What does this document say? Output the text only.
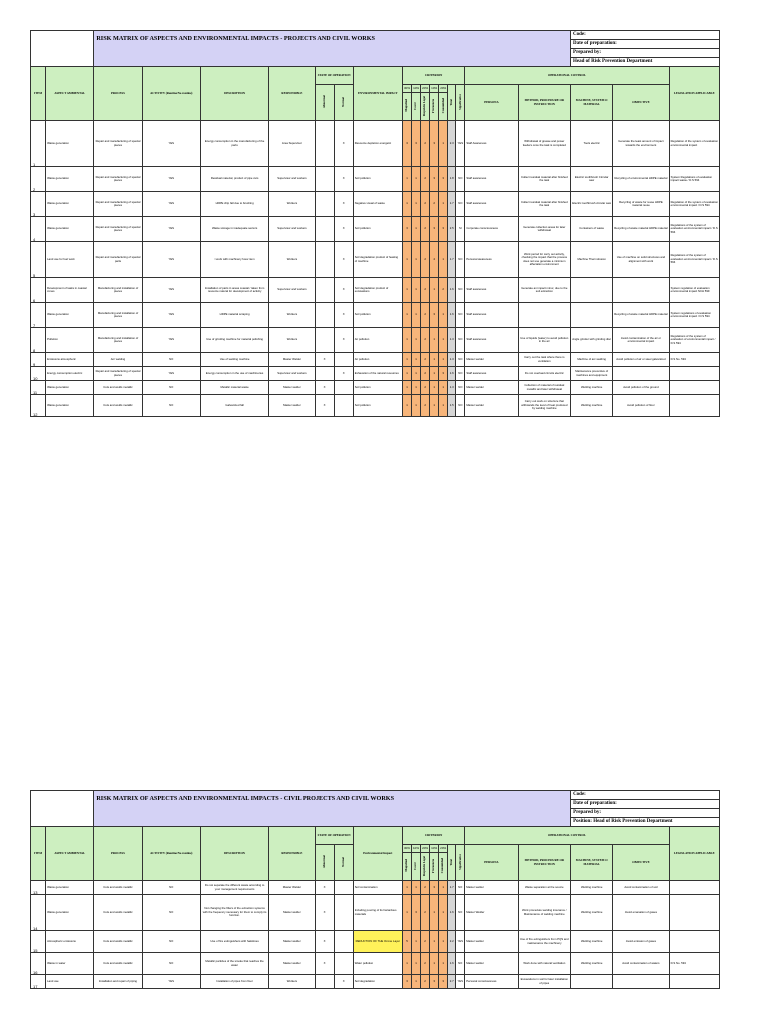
		RISK MATRIX OF ASPECTS AND ENVIRONMENTAL IMPACTS - PROJECTS AND CIVIL WORKS																Code:		
																		Date of preparation:		
																		Prepared by:		
																		Head of Risk Prevention Department		
ITEM	ASPECT AMBIENTAL	PROCESS	ACTIVITY (Routine/No routine)	DESCRIPTION	RESPONSIBLE	STATE OF OPERATION		ENVIRONMENTAL IMPACT	CRITERION							OPERATIONAL CONTROL				LEGISLATION APPLICABLE
						Abnormal	Normal		30%	10%	20%	10%	20%	Total	Significative	PERSONA	METHOD, PROCEDURE OR INSTRUCTION	MACHINE, SYSTEM O MATERIAL	OBJECTIVE	
									Magnitud	Cover	Requisito Legal	Frecuencia	Comunidad							
1	Waste generation	Repair and manufacturing of special pieces	YES	Energy consumption in the manufacturing of the parts	Area Supervisor		X	Resource depletion energetic	3	3	2	3	1	2.3	YES	Staff Awareness	Withdrawal of grease and power feeders once the task is completed	Tools electric	Generate the least amount of impact towards the environment	Regulation of the system of evaluation environmental impact
2	Waste generation	Repair and manufacturing of special pieces	YES	Residual material, product of pipe cuts	Supervisor and workers		X	Soil pollution	1	1	2	3	3	1.8	NO	Staff awareness	Collect residual material after finished the task	Electric toothbrush Circular saw	Recycling of environmental HDPE material	System Regulations of evaluation impact waste / D.S 594
3	Waste generation	Repair and manufacturing of special pieces	YES	HDPE chip fall due to brushing	Workers		X	Negative visual of waste	1	1	2	2	1	1.7	NO	Staff awareness	Collect residual material after finished the task	Electric toothbrush circular saw	Recycling of waste for reuse HDPE material reuse	Regulation of the system of evaluation environmental impact / D.S 594
4	Waste generation	Repair and manufacturing of special pieces	YES	Waste storage in inadequate sectors	Supervisor and workers		X	Soil pollution	3	1	2	3	3	2.5	SI	Corporate consciousness	Generate collection areas for later withdrawal	Containers of waste	Recycling of waste material HDPE material	Regulations of the system of evaluation environmental impact / D.S 594
5	Land use for fuel work	Repair and manufacturing of special parts	YES	I work with machinery fusor item	Workers		X	Soil degradation product of heating of machine	1	1	2	4	1	1.7	NO	Personal awareness	Work period for carry out activity, checking the impact that the process does not use generate a minimum affectation environment	Machine Thermofusion	Use of machine on solid structures and alignment with work	Regulations of the system of evaluation environmental impact / D.S 594
6	Development of tasks in coastal zones	Manufacturing and installation of pieces	YES	Installation of parts in areas coastal / taken from resource natural for development of activity	Supervisor and workers		X	Soil degradation product of excavations	1	1	2	1	2	1.6	NO	Staff awareness	Generate an impact minor, due to the soil extraction			System regulation of evaluation environmental impact NCH 599
7	Waste generation	Manufacturing and installation of pieces	YES	HDPE material scraping	Workers		X	Soil pollution	1	1	2	3	1	1.6	NO	Staff awareness			Recycling of waste material HDPE material	System regulations of evaluation environmental impact / D.S 594
8	Pollution	Manufacturing and installation of pieces	YES	Use of grinding machine for material polishing	Workers		X	Air pollution	1	1	2	1	1	1.3	NO	Staff awareness	Use of liquids (water) to avoid pollution in the air	Angle grinder with grinding disc	Avoid contamination of the air or environmental impact	Regulations of the system of evaluation of environmental impact / D.S 594
9	Emissions atmospheric	Arc welding	NO	Use of welding machine	Master Welder	X		Air pollution	1	1	2	1	1	1.3	NO	Master welder	Carry out the task where there is ventilation	Machine of arc welding	Avoid pollution of air or steel galvanized	D.S No. 594
10	Energy consumption electric	Repair and manufacturing of special pieces	YES	Energy consumption in the use of machineries	Supervisor and workers		X	Exhaustion of the natural resources	1	1	2	1	3	1.6	NO	Staff awareness	Do not overload circuits electric	Maintenance preventive of machines and equipment		
11	Waste generation	Cuts and welds metallic	NO	Metallic material waste	Master welder	X		Soil pollution	1	1	2	1	1	1.3	NO	Master welder	Collection of material of residual metallic and later withdrawal	Welding machine	Avoid pollution of the ground	
12	Waste generation	Cuts and welds metallic	NO	Galvanized fall	Master welder	X		Soil pollution	1	1	2	1	1	1.5	NO	Master welder	Carry out work on structure that withstands the level of heat produced by welding machine	Welding machine	Avoid pollution of floor	
		RISK MATRIX OF ASPECTS AND ENVIRONMENTAL IMPACTS - CIVIL PROJECTS AND CIVIL WORKS																Code:		
																		Date of preparation:		
																		Prepared by:		
																		Position: Head of Risk Prevention Department		
ITEM	ASPECT AMBIENTAL	PROCESS	ACTIVITY (Routine/No routine)	DESCRIPTION	RESPONSIBLE	STATE OF OPERATION		Environmental Impact	CRITERION							OPERATIONAL CONTROL				LEGISLATION APPLICABLE
						Abnormal	Normal		30%	10%	20%	10%	20%	Total	Significative	PERSONA	METHOD, PROCEDURE OR INSTRUCTION	MACHINE, SYSTEM O MATERIAL	OBJECTIVE	
									Magnitud	Cover	Requisito Legal	Frecuencia	Comunidad							
13	Waste generation	Cuts and welds metallic	NO	Do not separate the different waste according to your management requirements	Master Welder	X		Soil contamination	1	1	2	3	1	1.7	NO	Master welder	Waste separation at the source	Welding machine	Avoid contamination of soil	
14	Waste generation	Cuts and welds metallic	NO	Not changing the filters of the extraction systems with the frequency necessary for them to comply its function.	Master welder	X		Including pouring of its hazardous materials	1	3	2	1	1	1.6	NO	Master Welder	Work procedure welding insurance / Maintenance of welding machine	Welding machine	Avoid emanation of gases	
15	Atmospheric emissions	Cuts and welds metallic	NO	Use of fire extinguishers with halokines	Master welder	X		REDUCTION OF THE Ozone Layer	5	1	2	1	1	2.2	YES	Master welder	Use of fire extinguishers from PQS and maintenance the machinery	Welding machine	Avoid emission of gases	
16	Waste in water	Cuts and welds metallic	NO	Metallic particles of the smoke that reaches the water	Master welder	X		Water pollution	1	1	2	1	1	1.6	NO	Master welder	Work done with natural ventilation	Welding machine	Avoid contamination of waters	D.S No. 594
17	Land use	Installation and repair of piping	YES	Installation of pipes from floor	Workers		X	Soil degradation	3	1	2	3	3	2.7	YES	Personal consciousness	Excavations in soil for later installation of pipes			
